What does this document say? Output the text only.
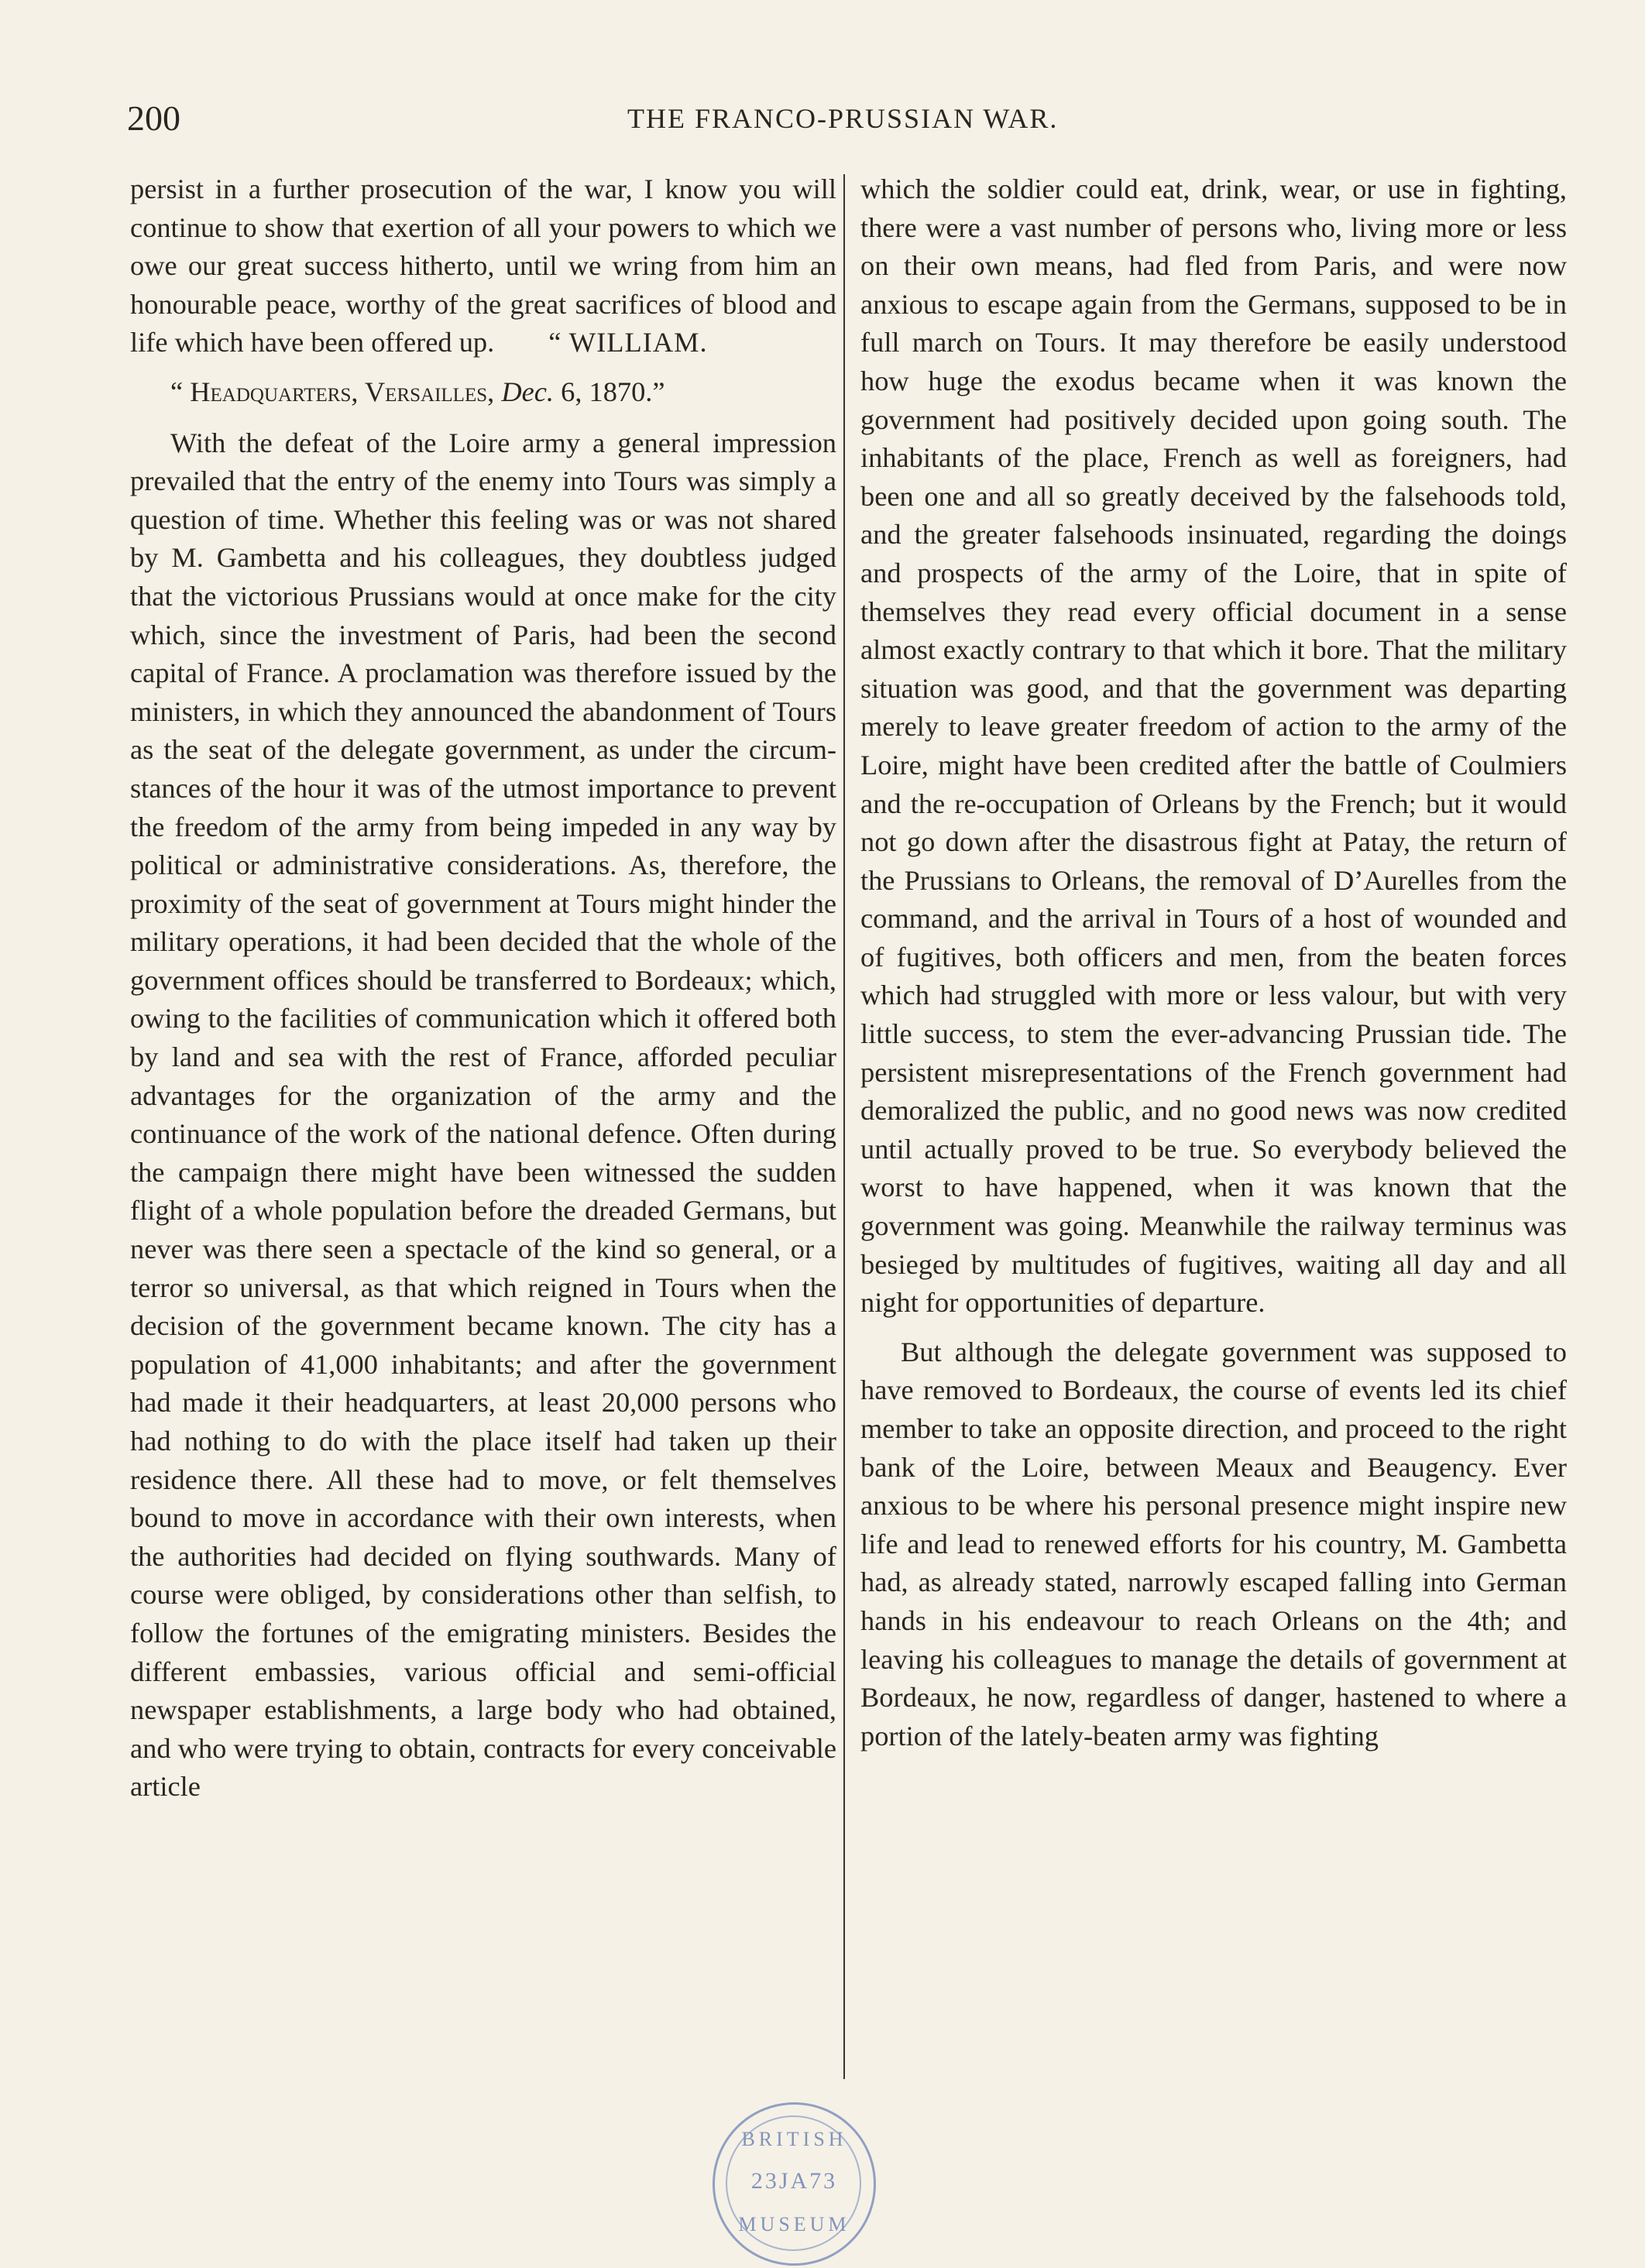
200	THE FRANCO-PRUSSIAN WAR.

persist in a further prosecution of the war, I know you will continue to show that exertion of all your powers to which we owe our great success hitherto, until we wring from him an honourable peace, worthy of the great sacrifices of blood and life which have been offered up. “ WILLIAM.

“ Headquarters, Versailles, Dec. 6, 1870.”

With the defeat of the Loire army a general impression prevailed that the entry of the enemy into Tours was simply a question of time. Whether this feeling was or was not shared by M. Gambetta and his colleagues, they doubtless judged that the victorious Prussians would at once make for the city which, since the investment of Paris, had been the second capital of France. A proclamation was therefore issued by the ministers, in which they announced the abandonment of Tours as the seat of the delegate government, as under the circumstances of the hour it was of the utmost importance to prevent the freedom of the army from being impeded in any way by political or administrative considerations. As, therefore, the proximity of the seat of government at Tours might hinder the military operations, it had been decided that the whole of the government offices should be transferred to Bordeaux; which, owing to the facilities of communication which it offered both by land and sea with the rest of France, afforded peculiar advantages for the organization of the army and the continuance of the work of the national defence. Often during the campaign there might have been witnessed the sudden flight of a whole population before the dreaded Germans, but never was there seen a spectacle of the kind so general, or a terror so universal, as that which reigned in Tours when the decision of the government became known. The city has a population of 41,000 inhabitants; and after the government had made it their headquarters, at least 20,000 persons who had nothing to do with the place itself had taken up their residence there. All these had to move, or felt themselves bound to move in accordance with their own interests, when the authorities had decided on flying southwards. Many of course were obliged, by considerations other than selfish, to follow the fortunes of the emigrating ministers. Besides the different embassies, various official and semi-official newspaper establishments, a large body who had obtained, and who were trying to obtain, contracts for every conceivable article

which the soldier could eat, drink, wear, or use in fighting, there were a vast number of persons who, living more or less on their own means, had fled from Paris, and were now anxious to escape again from the Germans, supposed to be in full march on Tours. It may therefore be easily understood how huge the exodus became when it was known the government had positively decided upon going south. The inhabitants of the place, French as well as foreigners, had been one and all so greatly deceived by the falsehoods told, and the greater falsehoods insinuated, regarding the doings and prospects of the army of the Loire, that in spite of themselves they read every official document in a sense almost exactly contrary to that which it bore. That the military situation was good, and that the government was departing merely to leave greater freedom of action to the army of the Loire, might have been credited after the battle of Coulmiers and the re-occupation of Orleans by the French; but it would not go down after the disastrous fight at Patay, the return of the Prussians to Orleans, the removal of D’Aurelles from the command, and the arrival in Tours of a host of wounded and of fugitives, both officers and men, from the beaten forces which had struggled with more or less valour, but with very little success, to stem the ever-advancing Prussian tide. The persistent misrepresentations of the French government had demoralized the public, and no good news was now credited until actually proved to be true. So everybody believed the worst to have happened, when it was known that the government was going. Meanwhile the railway terminus was besieged by multitudes of fugitives, waiting all day and all night for opportunities of departure.

But although the delegate government was supposed to have removed to Bordeaux, the course of events led its chief member to take an opposite direction, and proceed to the right bank of the Loire, between Meaux and Beaugency. Ever anxious to be where his personal presence might inspire new life and lead to renewed efforts for his country, M. Gambetta had, as already stated, narrowly escaped falling into German hands in his endeavour to reach Orleans on the 4th; and leaving his colleagues to manage the details of government at Bordeaux, he now, regardless of danger, hastened to where a portion of the lately-beaten army was fighting

BRITISH
23JA73
MUSEUM
